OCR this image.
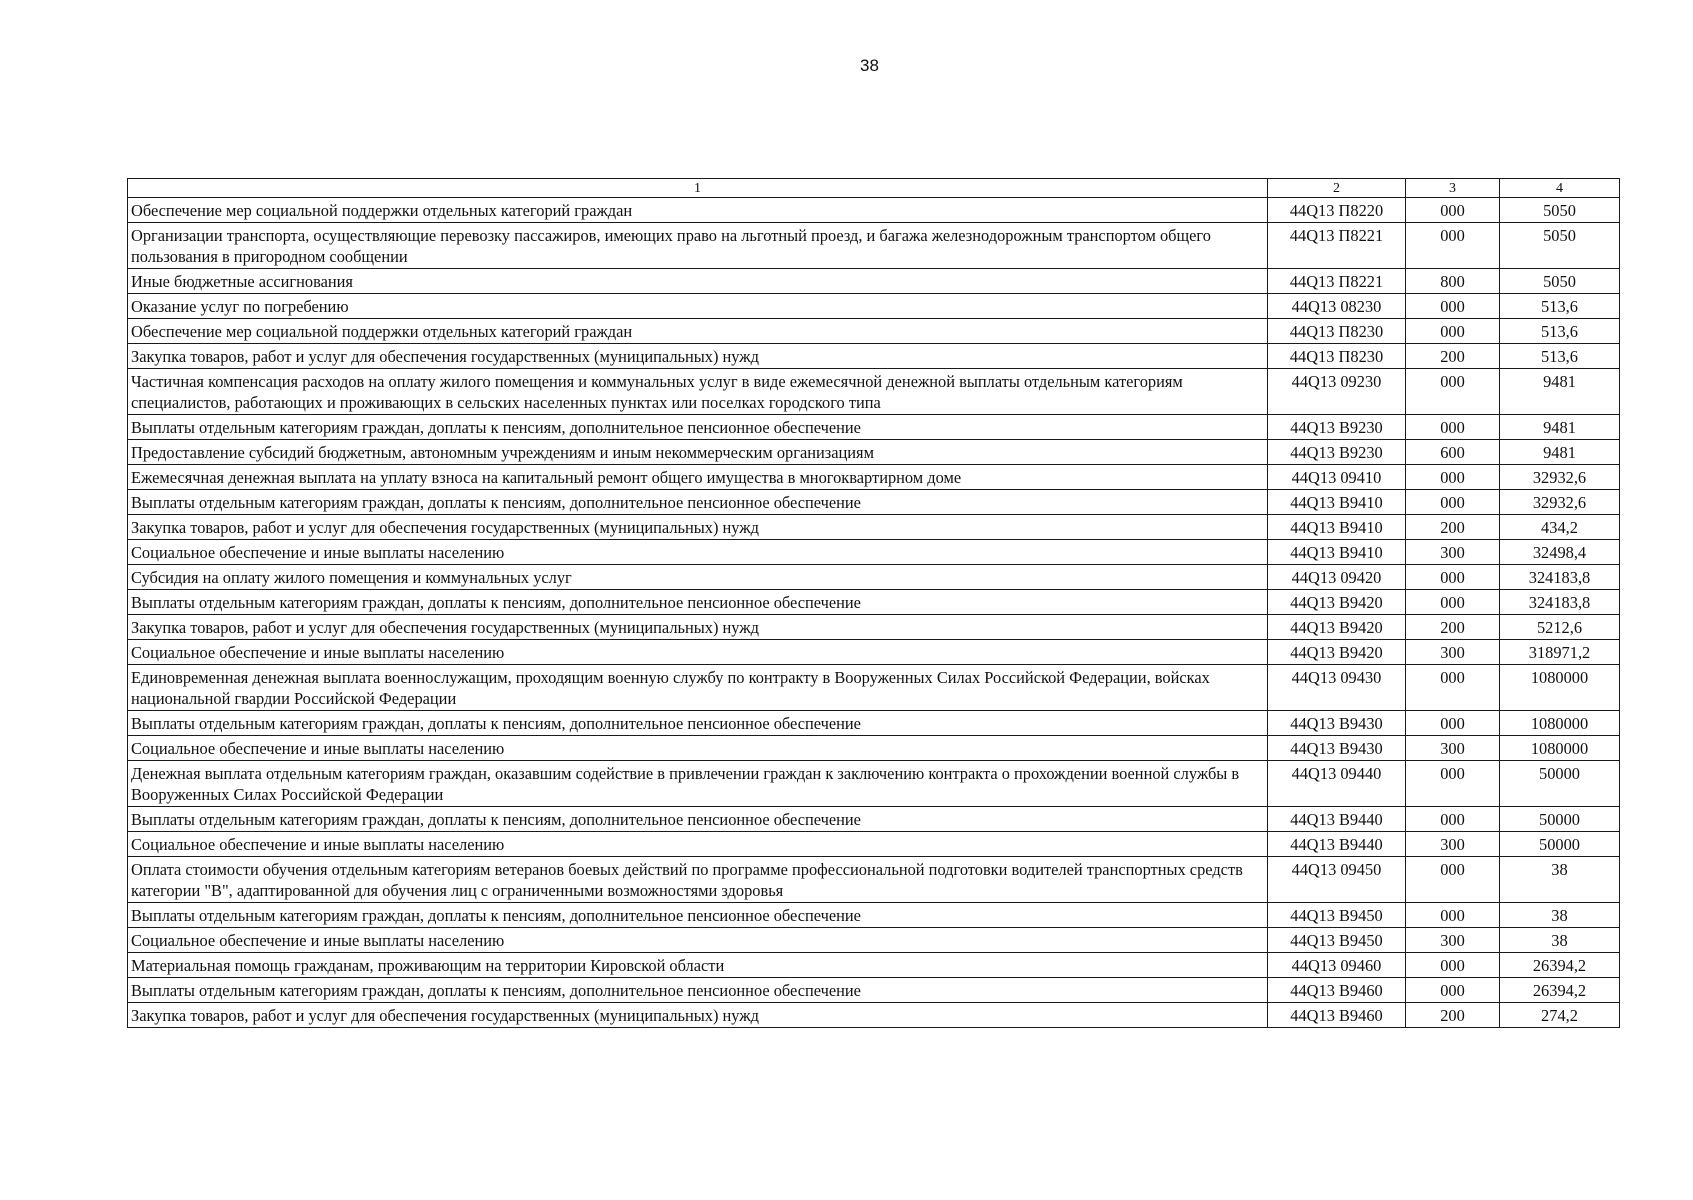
38
1	2	3	4
Обеспечение мер социальной поддержки отдельных категорий граждан	44Q13 П8220	000	5050
Организации транспорта, осуществляющие перевозку пассажиров, имеющих право на льготный проезд, и багажа железнодорожным транспортом общего пользования в пригородном сообщении	44Q13 П8221	000	5050
Иные бюджетные ассигнования	44Q13 П8221	800	5050
Оказание услуг по погребению	44Q13 08230	000	513,6
Обеспечение мер социальной поддержки отдельных категорий граждан	44Q13 П8230	000	513,6
Закупка товаров, работ и услуг для обеспечения государственных (муниципальных) нужд	44Q13 П8230	200	513,6
Частичная компенсация расходов на оплату жилого помещения и коммунальных услуг в виде ежемесячной денежной выплаты отдельным категориям специалистов, работающих и проживающих в сельских населенных пунктах или поселках городского типа	44Q13 09230	000	9481
Выплаты отдельным категориям граждан, доплаты к пенсиям, дополнительное пенсионное обеспечение	44Q13 В9230	000	9481
Предоставление субсидий бюджетным, автономным учреждениям и иным некоммерческим организациям	44Q13 В9230	600	9481
Ежемесячная денежная выплата на уплату взноса на капитальный ремонт общего имущества в многоквартирном доме	44Q13 09410	000	32932,6
Выплаты отдельным категориям граждан, доплаты к пенсиям, дополнительное пенсионное обеспечение	44Q13 В9410	000	32932,6
Закупка товаров, работ и услуг для обеспечения государственных (муниципальных) нужд	44Q13 В9410	200	434,2
Социальное обеспечение и иные выплаты населению	44Q13 В9410	300	32498,4
Субсидия на оплату жилого помещения и коммунальных услуг	44Q13 09420	000	324183,8
Выплаты отдельным категориям граждан, доплаты к пенсиям, дополнительное пенсионное обеспечение	44Q13 В9420	000	324183,8
Закупка товаров, работ и услуг для обеспечения государственных (муниципальных) нужд	44Q13 В9420	200	5212,6
Социальное обеспечение и иные выплаты населению	44Q13 В9420	300	318971,2
Единовременная денежная выплата военнослужащим, проходящим военную службу по контракту в Вооруженных Силах Российской Федерации, войсках национальной гвардии Российской Федерации	44Q13 09430	000	1080000
Выплаты отдельным категориям граждан, доплаты к пенсиям, дополнительное пенсионное обеспечение	44Q13 В9430	000	1080000
Социальное обеспечение и иные выплаты населению	44Q13 В9430	300	1080000
Денежная выплата отдельным категориям граждан, оказавшим содействие в привлечении граждан к заключению контракта о прохождении военной службы в Вооруженных Силах Российской Федерации	44Q13 09440	000	50000
Выплаты отдельным категориям граждан, доплаты к пенсиям, дополнительное пенсионное обеспечение	44Q13 В9440	000	50000
Социальное обеспечение и иные выплаты населению	44Q13 В9440	300	50000
Оплата стоимости обучения отдельным категориям ветеранов боевых действий по программе профессиональной подготовки водителей транспортных средств категории "В", адаптированной для обучения лиц с ограниченными возможностями здоровья	44Q13 09450	000	38
Выплаты отдельным категориям граждан, доплаты к пенсиям, дополнительное пенсионное обеспечение	44Q13 В9450	000	38
Социальное обеспечение и иные выплаты населению	44Q13 В9450	300	38
Материальная помощь гражданам, проживающим на территории Кировской области	44Q13 09460	000	26394,2
Выплаты отдельным категориям граждан, доплаты к пенсиям, дополнительное пенсионное обеспечение	44Q13 В9460	000	26394,2
Закупка товаров, работ и услуг для обеспечения государственных (муниципальных) нужд	44Q13 В9460	200	274,2
